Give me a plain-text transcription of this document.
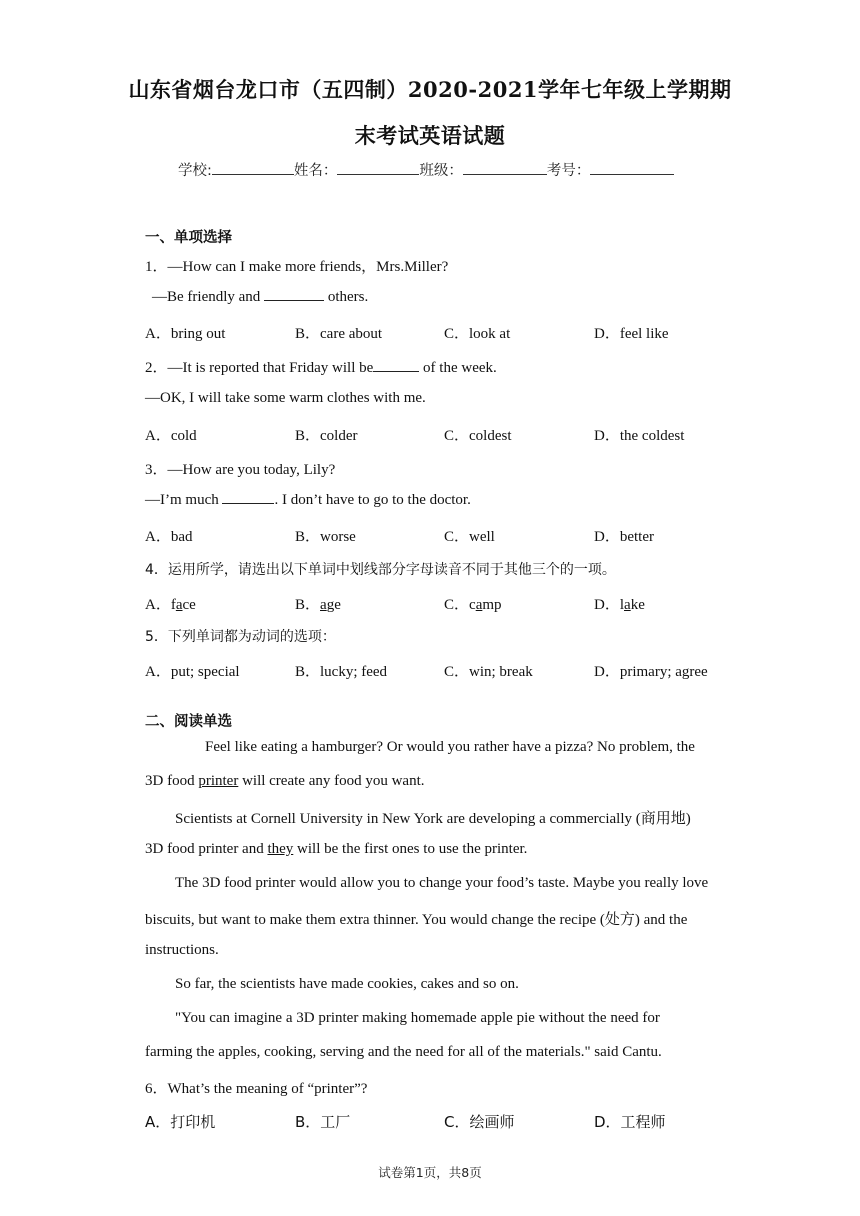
山东省烟台龙口市（五四制）2020-2021学年七年级上学期期
末考试英语试题
学校:	姓名：	班级：	考号：
一、单项选择
1．—How can I make more friends，Mrs.Miller?
—Be friendly and	others.
A．bring out	B．care about	C．look at	D．feel like
2．—It is reported that Friday will be	of the week.
—OK, I will take some warm clothes with me.
A．cold	B．colder	C．coldest	D．the coldest
3．—How are you today, Lily?
—I’m much	. I don’t have to go to the doctor.
A．bad	B．worse	C．well	D．better
4．运用所学，请选出以下单词中划线部分字母读音不同于其他三个的一项。
A．face	B．age	C．camp	D．lake
5．下列单词都为动词的选项：
A．put; special	B．lucky; feed	C．win; break	D．primary; agree
二、阅读单选
Feel like eating a hamburger? Or would you rather have a pizza? No problem, the
3D food printer will create any food you want.
Scientists at Cornell University in New York are developing a commercially (商用地)
3D food printer and they will be the first ones to use the printer.
The 3D food printer would allow you to change your food’s taste. Maybe you really love
biscuits, but want to make them extra thinner. You would change the recipe (处方) and the
instructions.
So far, the scientists have made cookies, cakes and so on.
"You can imagine a 3D printer making homemade apple pie without the need for
farming the apples, cooking, serving and the need for all of the materials." said Cantu.
6．What’s the meaning of “printer”?
A．打印机	B．工厂	C．绘画师	D．工程师
试卷第1页，共8页
